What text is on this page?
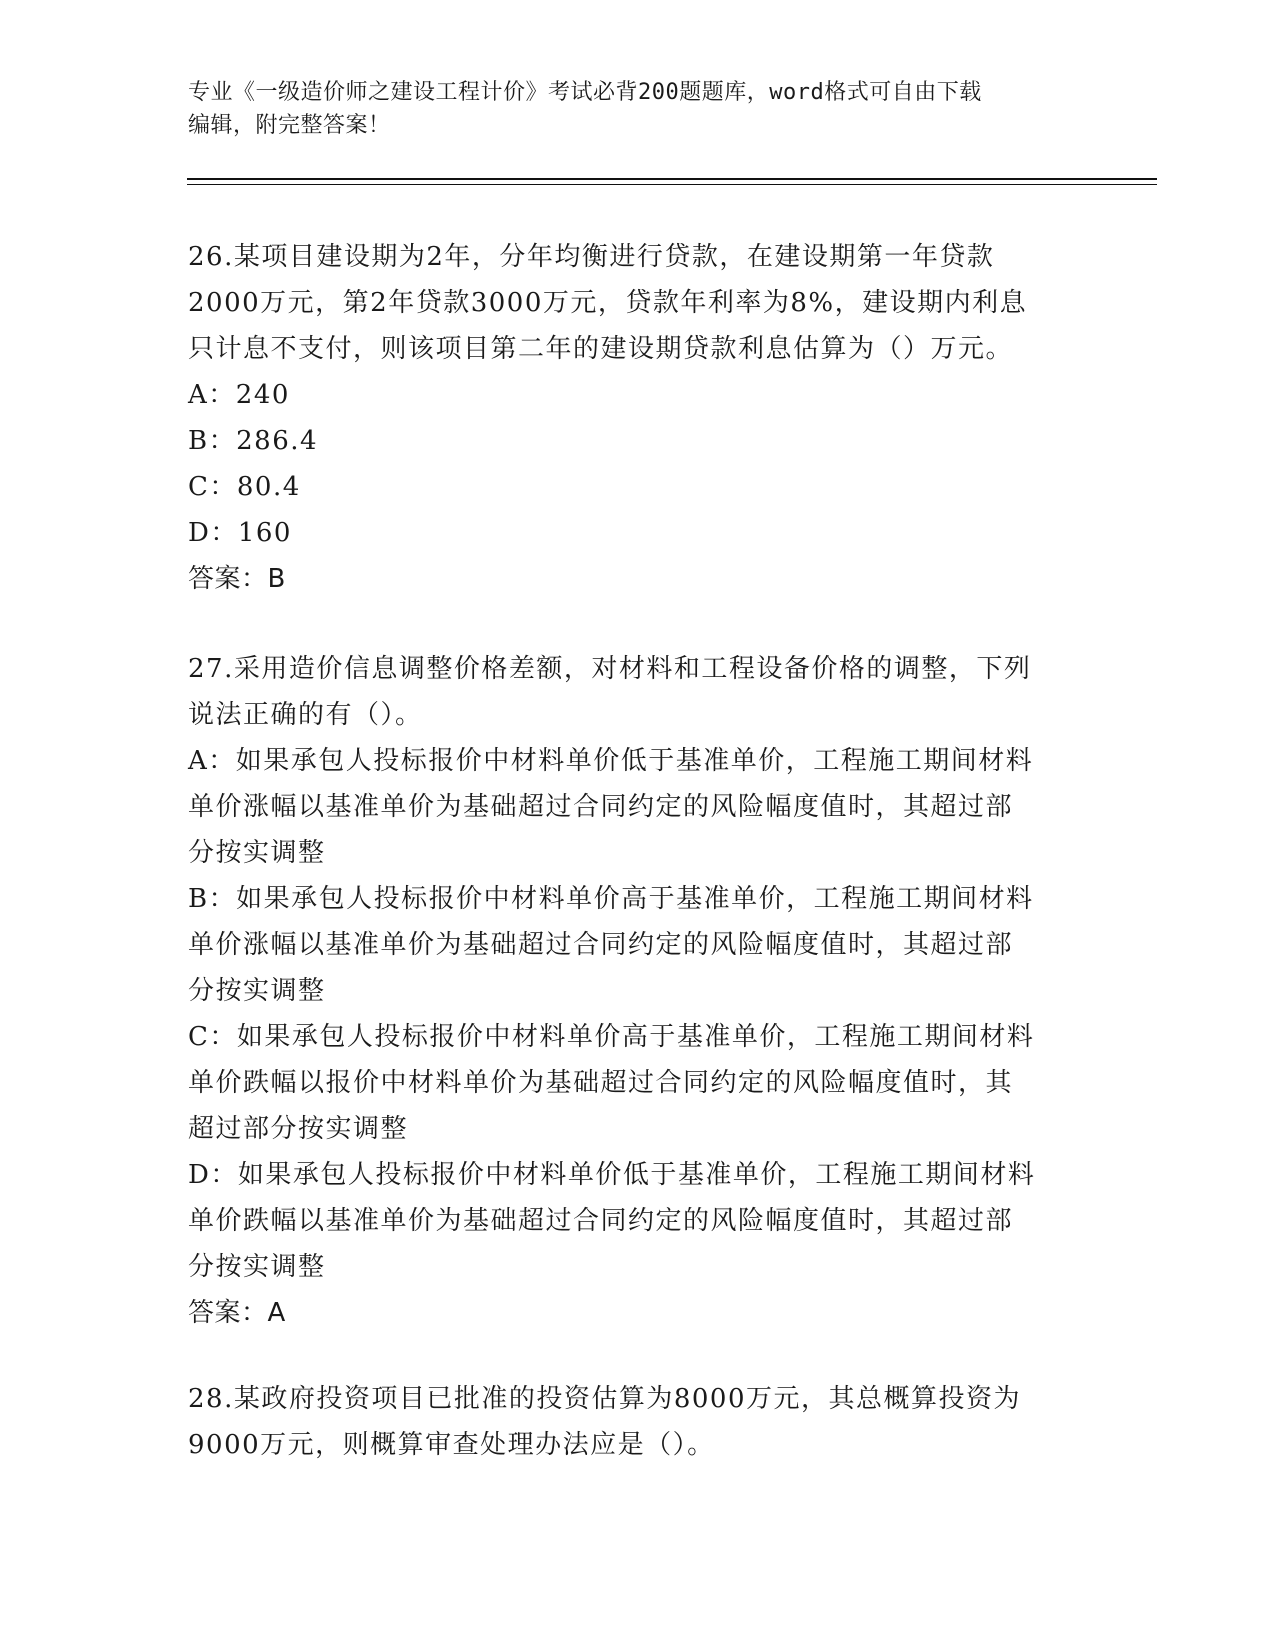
专业《一级造价师之建设工程计价》考试必背200题题库，word格式可自由下载
编辑，附完整答案！
26.某项目建设期为2年，分年均衡进行贷款，在建设期第一年贷款
2000万元，第2年贷款3000万元，贷款年利率为8%，建设期内利息
只计息不支付，则该项目第二年的建设期贷款利息估算为（）万元。
A：240
B：286.4
C：80.4
D：160
答案：B
27.采用造价信息调整价格差额，对材料和工程设备价格的调整，下列
说法正确的有（）。
A：如果承包人投标报价中材料单价低于基准单价，工程施工期间材料
单价涨幅以基准单价为基础超过合同约定的风险幅度值时，其超过部
分按实调整
B：如果承包人投标报价中材料单价高于基准单价，工程施工期间材料
单价涨幅以基准单价为基础超过合同约定的风险幅度值时，其超过部
分按实调整
C：如果承包人投标报价中材料单价高于基准单价，工程施工期间材料
单价跌幅以报价中材料单价为基础超过合同约定的风险幅度值时，其
超过部分按实调整
D：如果承包人投标报价中材料单价低于基准单价，工程施工期间材料
单价跌幅以基准单价为基础超过合同约定的风险幅度值时，其超过部
分按实调整
答案：A
28.某政府投资项目已批准的投资估算为8000万元，其总概算投资为
9000万元，则概算审查处理办法应是（）。
